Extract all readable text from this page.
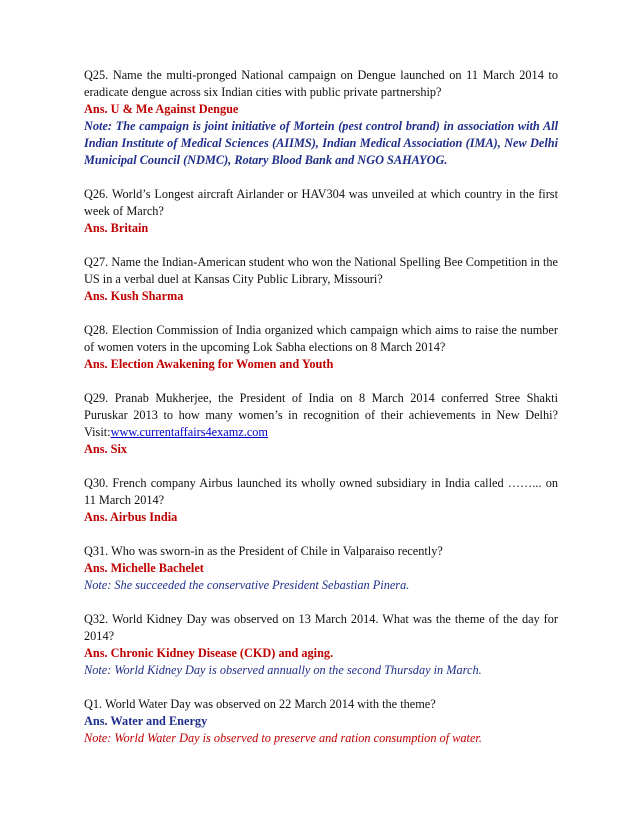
Q25. Name the multi-pronged National campaign on Dengue launched on 11 March 2014 to eradicate dengue across six Indian cities with public private partnership?
Ans. U & Me Against Dengue
Note: The campaign is joint initiative of Mortein (pest control brand) in association with All Indian Institute of Medical Sciences (AIIMS), Indian Medical Association (IMA), New Delhi Municipal Council (NDMC), Rotary Blood Bank and NGO SAHAYOG.
Q26. World’s Longest aircraft Airlander or HAV304 was unveiled at which country in the first week of March?
Ans. Britain
Q27. Name the Indian-American student who won the National Spelling Bee Competition in the US in a verbal duel at Kansas City Public Library, Missouri?
Ans. Kush Sharma
Q28. Election Commission of India organized which campaign which aims to raise the number of women voters in the upcoming Lok Sabha elections on 8 March 2014?
Ans. Election Awakening for Women and Youth
Q29. Pranab Mukherjee, the President of India on 8 March 2014 conferred Stree Shakti Puruskar 2013 to how many women’s in recognition of their achievements in New Delhi?Visit:www.currentaffairs4examz.com
Ans. Six
Q30. French company Airbus launched its wholly owned subsidiary in India called ……... on 11 March 2014?
Ans. Airbus India
Q31. Who was sworn-in as the President of Chile in Valparaiso recently?
Ans. Michelle Bachelet
Note: She succeeded the conservative President Sebastian Pinera.
Q32. World Kidney Day was observed on 13 March 2014. What was the theme of the day for 2014?
Ans. Chronic Kidney Disease (CKD) and aging.
Note: World Kidney Day is observed annually on the second Thursday in March.
Q1. World Water Day was observed on 22 March 2014 with the theme?
Ans. Water and Energy
Note: World Water Day is observed to preserve and ration consumption of water.
